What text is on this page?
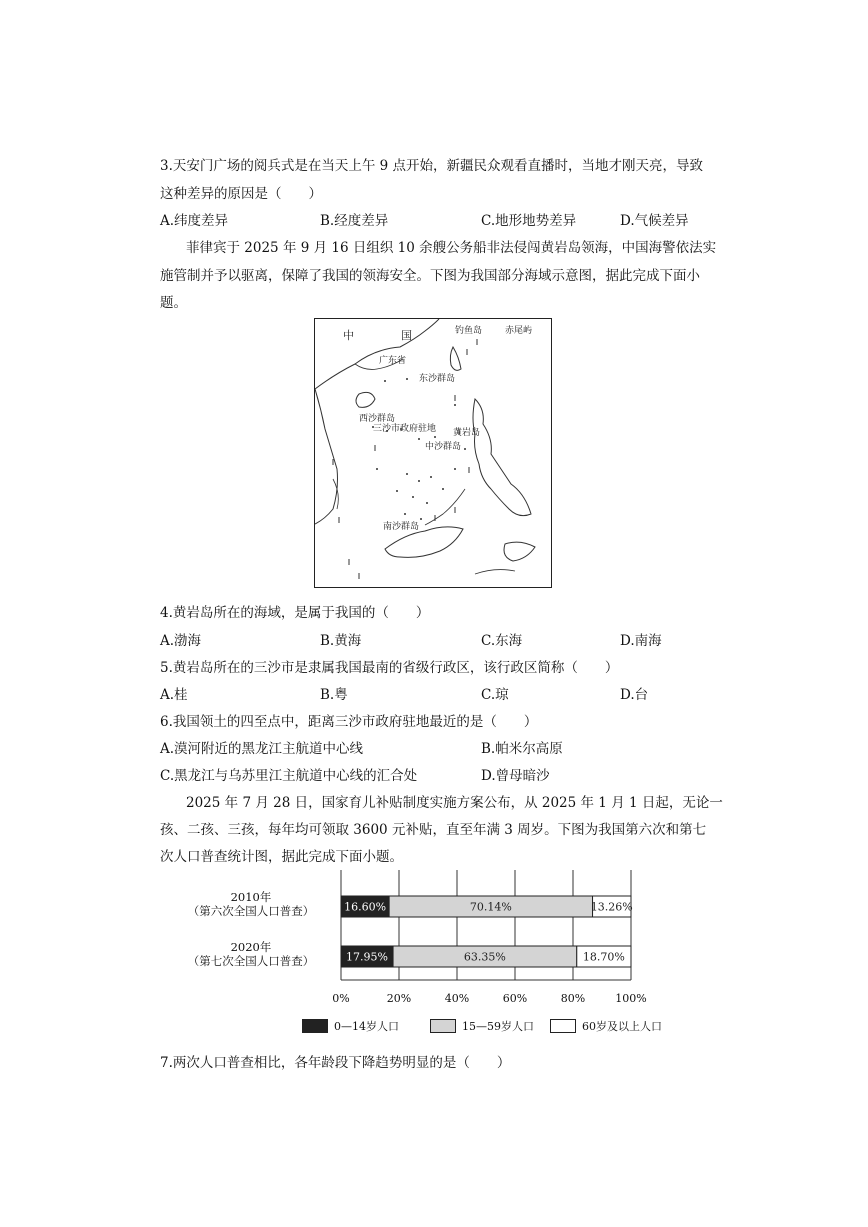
3.天安门广场的阅兵式是在当天上午 9 点开始，新疆民众观看直播时，当地才刚天亮，导致
这种差异的原因是（　　）
A.纬度差异	B.经度差异	C.地形地势差异	D.气候差异
菲律宾于 2025 年 9 月 16 日组织 10 余艘公务船非法侵闯黄岩岛领海，中国海警依法实
施管制并予以驱离，保障了我国的领海安全。下图为我国部分海域示意图，据此完成下面小
题。
中　国	钓鱼岛	赤尾屿
广东省
东沙群岛
西沙群岛
三沙市政府驻地
中沙群岛
黄岩岛
南沙群岛
4.黄岩岛所在的海域，是属于我国的（　　）
A.渤海	B.黄海	C.东海	D.南海
5.黄岩岛所在的三沙市是隶属我国最南的省级行政区，该行政区简称（　　）
A.桂	B.粤	C.琼	D.台
6.我国领土的四至点中，距离三沙市政府驻地最近的是（　　）
A.漠河附近的黑龙江主航道中心线	B.帕米尔高原
C.黑龙江与乌苏里江主航道中心线的汇合处	D.曾母暗沙
2025 年 7 月 28 日，国家育儿补贴制度实施方案公布，从 2025 年 1 月 1 日起，无论一
孩、二孩、三孩，每年均可领取 3600 元补贴，直至年满 3 周岁。下图为我国第六次和第七
次人口普查统计图，据此完成下面小题。
2010年
（第六次全国人口普查）
2020年
（第七次全国人口普查）
16.60%	70.14%	13.26%
17.95%	63.35%	18.70%
0%	20%	40%	60%	80%	100%
0—14岁人口	15—59岁人口	60岁及以上人口
7.两次人口普查相比，各年龄段下降趋势明显的是（　　）
